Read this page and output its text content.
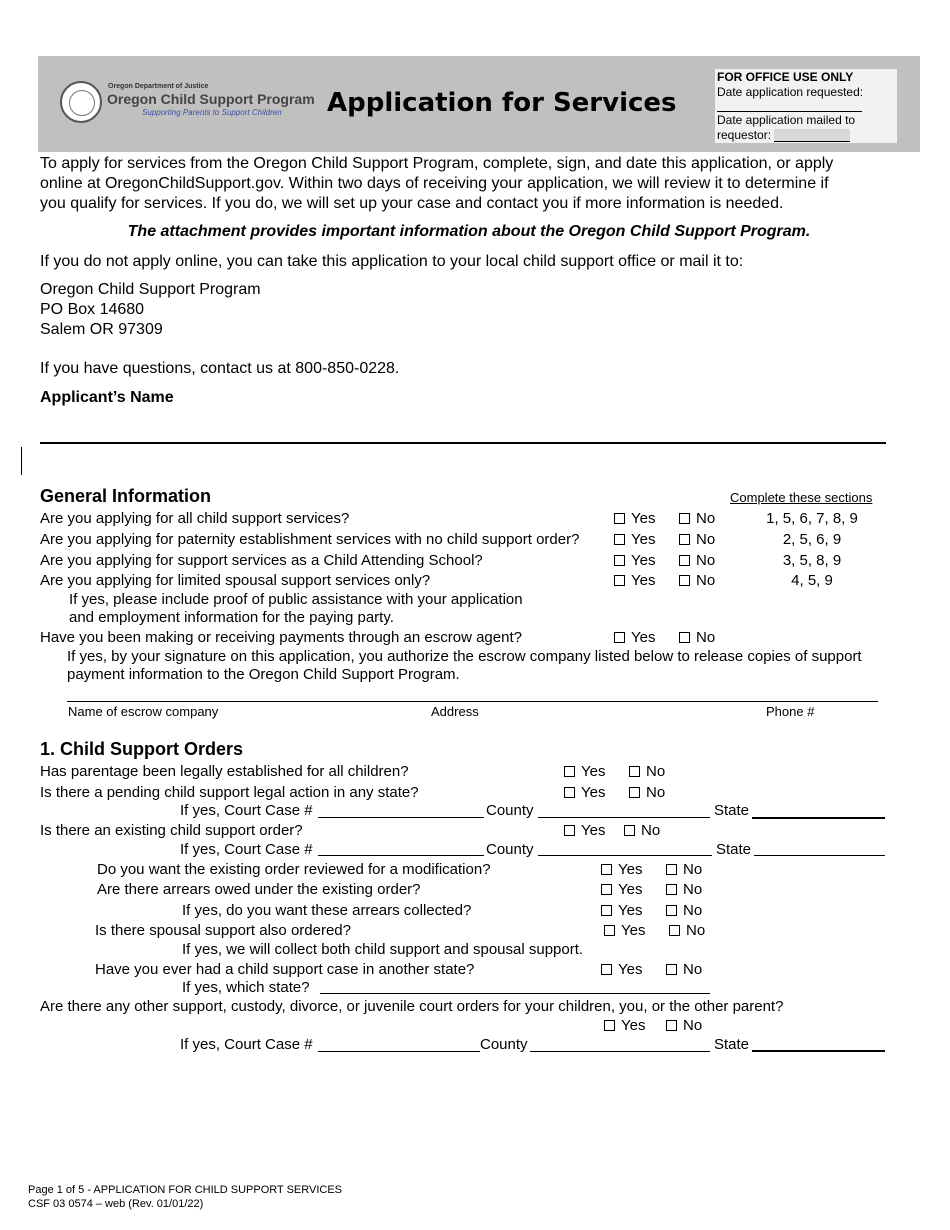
Oregon Department of Justice
Oregon Child Support Program
Supporting Parents to Support Children Application for Services
FOR OFFICE USE ONLY
Date application requested:
Date application mailed to
requestor:
To apply for services from the Oregon Child Support Program, complete, sign, and date this application, or apply
online at OregonChildSupport.gov. Within two days of receiving your application, we will review it to determine if
you qualify for services. If you do, we will set up your case and contact you if more information is needed.
The attachment provides important information about the Oregon Child Support Program.
If you do not apply online, you can take this application to your local child support office or mail it to:
Oregon Child Support Program
PO Box 14680
Salem OR 97309
If you have questions, contact us at 800-850-0228.
Applicant’s Name
General Information	Complete these sections
Are you applying for all child support services?	Yes	No	1, 5, 6, 7, 8, 9
Are you applying for paternity establishment services with no child support order?	Yes	No	2, 5, 6, 9
Are you applying for support services as a Child Attending School?	Yes	No	3, 5, 8, 9
Are you applying for limited spousal support services only?	Yes	No	4, 5, 9
If yes, please include proof of public assistance with your application
and employment information for the paying party.
Have you been making or receiving payments through an escrow agent?	Yes	No
If yes, by your signature on this application, you authorize the escrow company listed below to release copies of support
payment information to the Oregon Child Support Program.
Name of escrow company	Address	Phone #
1. Child Support Orders
Has parentage been legally established for all children?	Yes	No
Is there a pending child support legal action in any state?	Yes	No
If yes, Court Case #	County	State
Is there an existing child support order?	Yes	No
If yes, Court Case #	County	State
Do you want the existing order reviewed for a modification?	Yes	No
Are there arrears owed under the existing order?	Yes	No
If yes, do you want these arrears collected?	Yes	No
Is there spousal support also ordered?	Yes	No
If yes, we will collect both child support and spousal support.
Have you ever had a child support case in another state?	Yes	No
If yes, which state?
Are there any other support, custody, divorce, or juvenile court orders for your children, you, or the other parent?
Yes	No
If yes, Court Case #	County	State
Page 1 of 5 - APPLICATION FOR CHILD SUPPORT SERVICES
CSF 03 0574 – web (Rev. 01/01/22)
